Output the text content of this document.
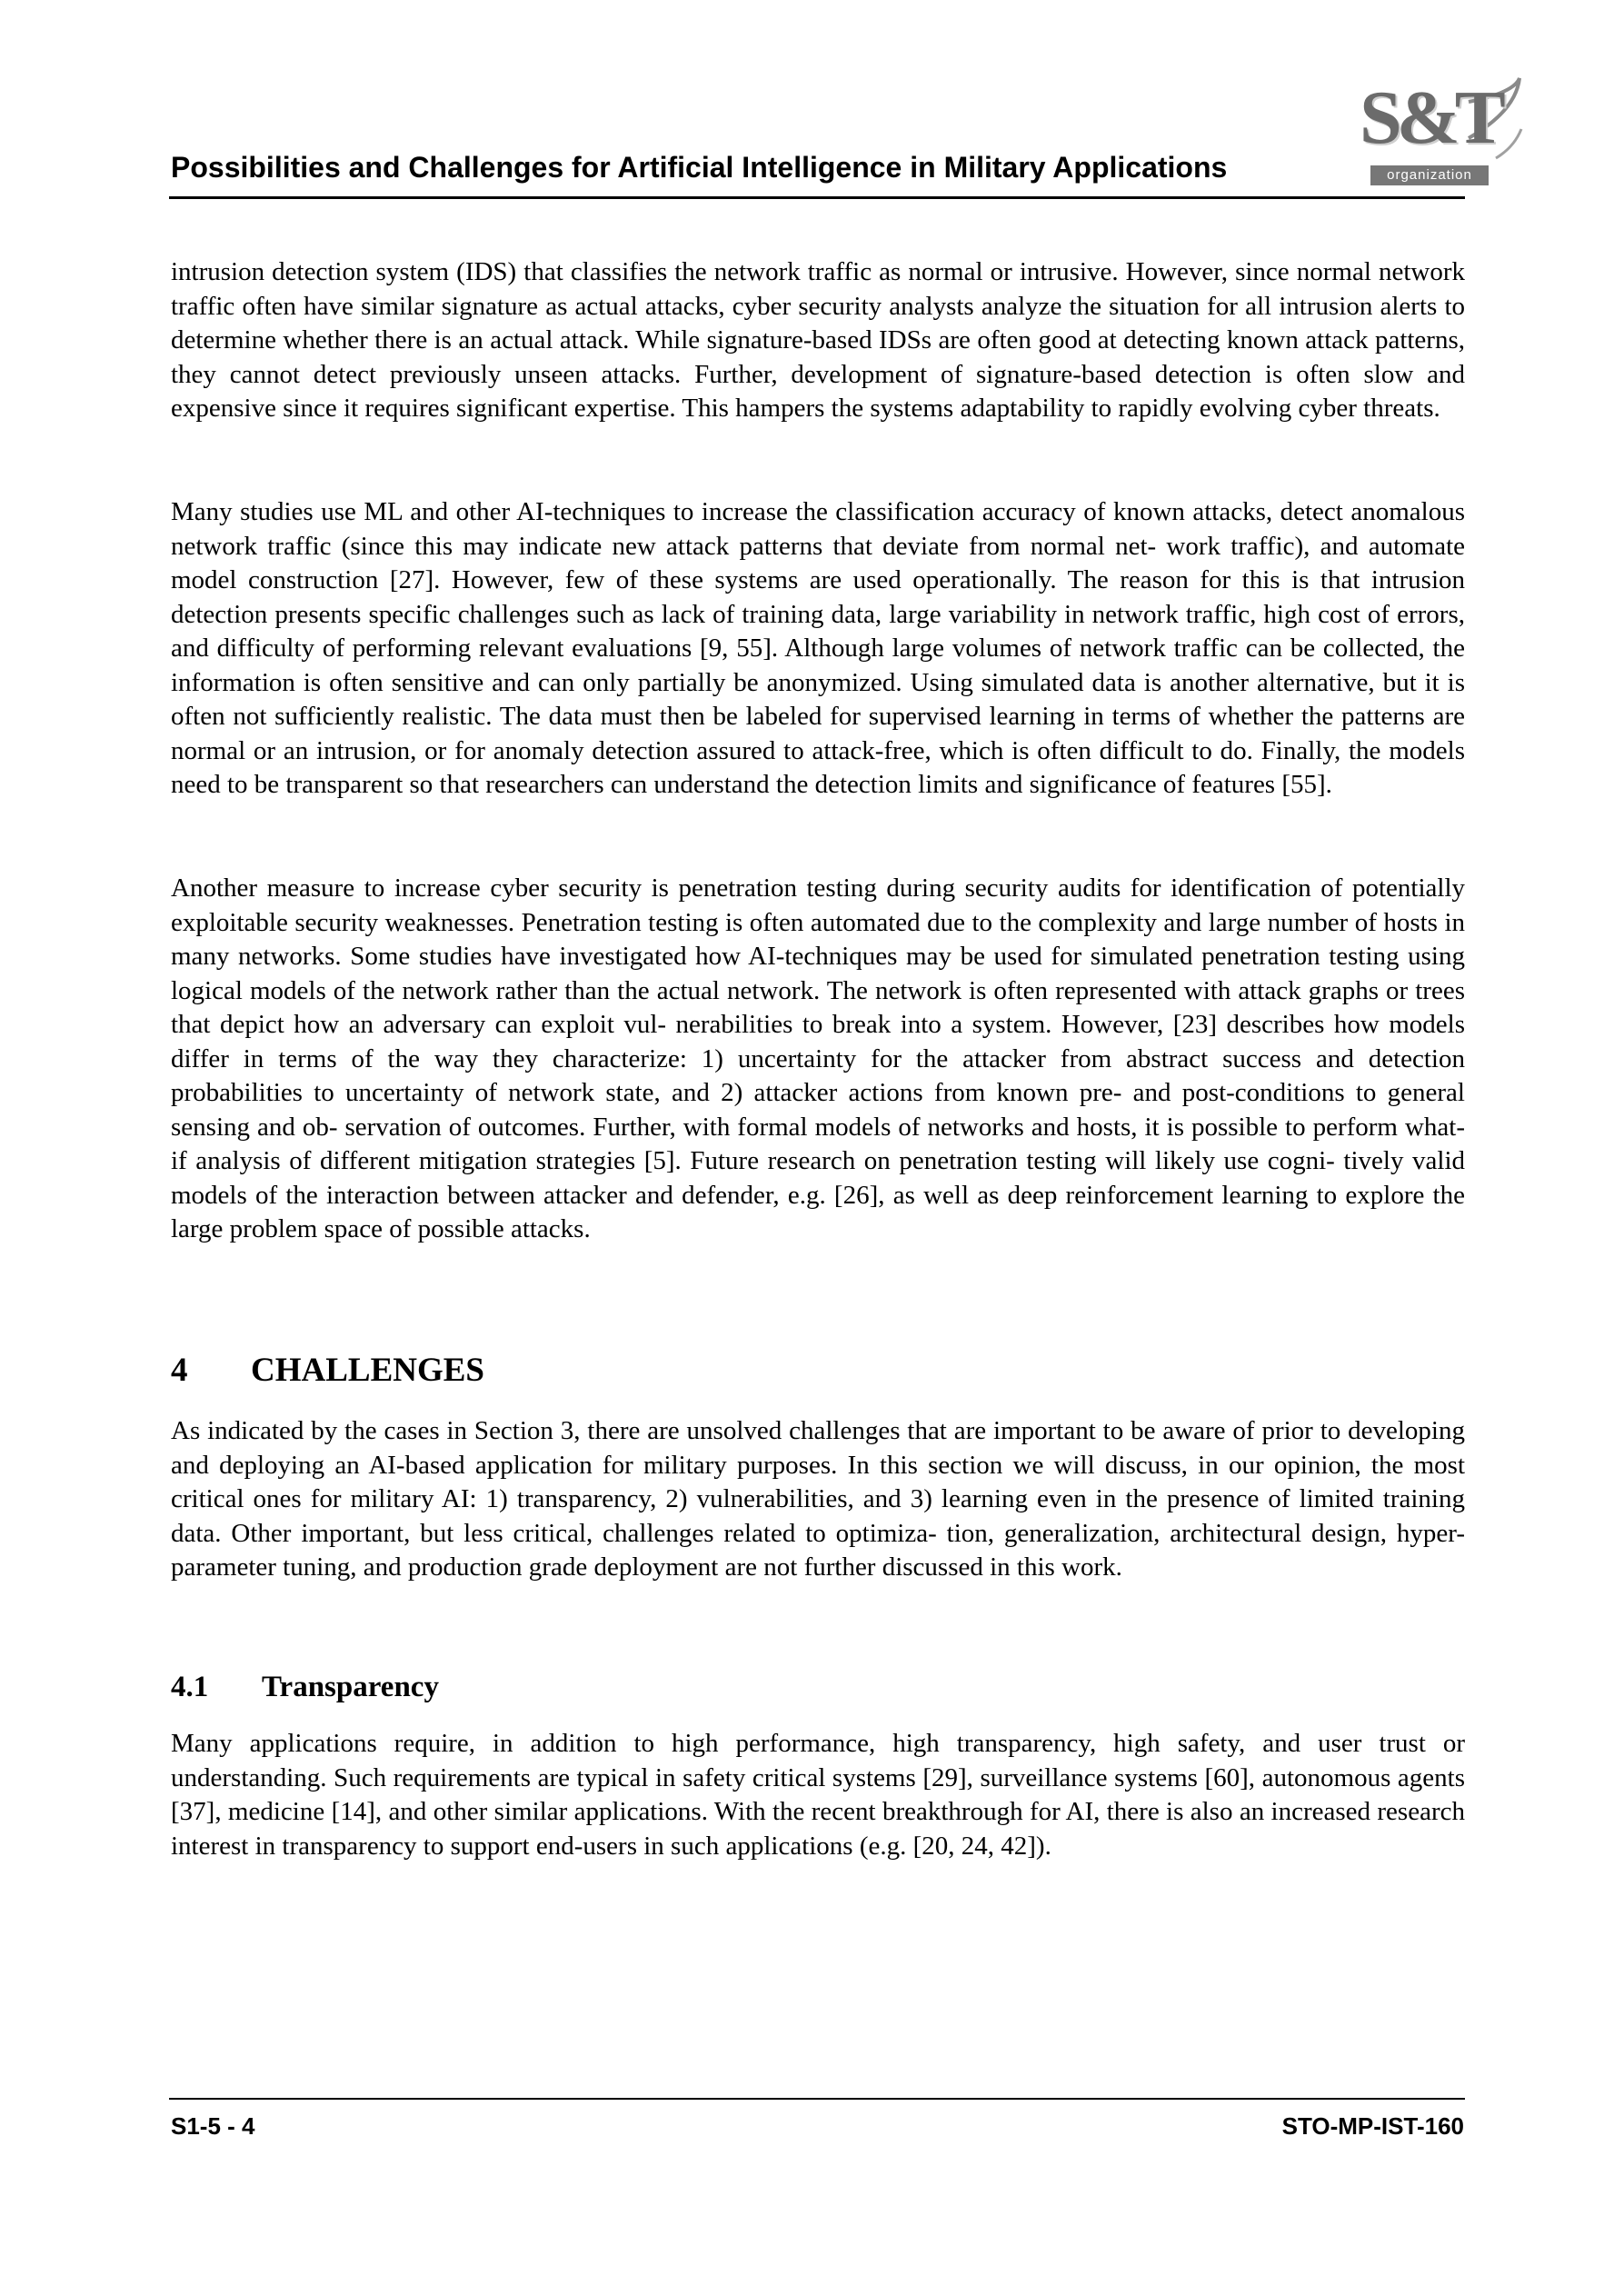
S&T
organization
Possibilities and Challenges for Artificial Intelligence in Military Applications

intrusion detection system (IDS) that classifies the network traffic as normal or intrusive. However, since normal network traffic often have similar signature as actual attacks, cyber security analysts analyze the situation for all intrusion alerts to determine whether there is an actual attack. While signature-based IDSs are often good at detecting known attack patterns, they cannot detect previously unseen attacks. Further, development of signature-based detection is often slow and expensive since it requires significant expertise. This hampers the systems adaptability to rapidly evolving cyber threats.

Many studies use ML and other AI-techniques to increase the classification accuracy of known attacks, detect anomalous network traffic (since this may indicate new attack patterns that deviate from normal net- work traffic), and automate model construction [27]. However, few of these systems are used operationally. The reason for this is that intrusion detection presents specific challenges such as lack of training data, large variability in network traffic, high cost of errors, and difficulty of performing relevant evaluations [9, 55]. Although large volumes of network traffic can be collected, the information is often sensitive and can only partially be anonymized. Using simulated data is another alternative, but it is often not sufficiently realistic. The data must then be labeled for supervised learning in terms of whether the patterns are normal or an intrusion, or for anomaly detection assured to attack-free, which is often difficult to do. Finally, the models need to be transparent so that researchers can understand the detection limits and significance of features [55].

Another measure to increase cyber security is penetration testing during security audits for identification of potentially exploitable security weaknesses. Penetration testing is often automated due to the complexity and large number of hosts in many networks. Some studies have investigated how AI-techniques may be used for simulated penetration testing using logical models of the network rather than the actual network. The network is often represented with attack graphs or trees that depict how an adversary can exploit vul- nerabilities to break into a system. However, [23] describes how models differ in terms of the way they characterize: 1) uncertainty for the attacker from abstract success and detection probabilities to uncertainty of network state, and 2) attacker actions from known pre- and post-conditions to general sensing and ob- servation of outcomes. Further, with formal models of networks and hosts, it is possible to perform what-if analysis of different mitigation strategies [5]. Future research on penetration testing will likely use cogni- tively valid models of the interaction between attacker and defender, e.g. [26], as well as deep reinforcement learning to explore the large problem space of possible attacks.

4 CHALLENGES

As indicated by the cases in Section 3, there are unsolved challenges that are important to be aware of prior to developing and deploying an AI-based application for military purposes. In this section we will discuss, in our opinion, the most critical ones for military AI: 1) transparency, 2) vulnerabilities, and 3) learning even in the presence of limited training data. Other important, but less critical, challenges related to optimiza- tion, generalization, architectural design, hyper-parameter tuning, and production grade deployment are not further discussed in this work.

4.1 Transparency

Many applications require, in addition to high performance, high transparency, high safety, and user trust or understanding. Such requirements are typical in safety critical systems [29], surveillance systems [60], autonomous agents [37], medicine [14], and other similar applications. With the recent breakthrough for AI, there is also an increased research interest in transparency to support end-users in such applications (e.g. [20, 24, 42]).

S1-5 - 4	STO-MP-IST-160
